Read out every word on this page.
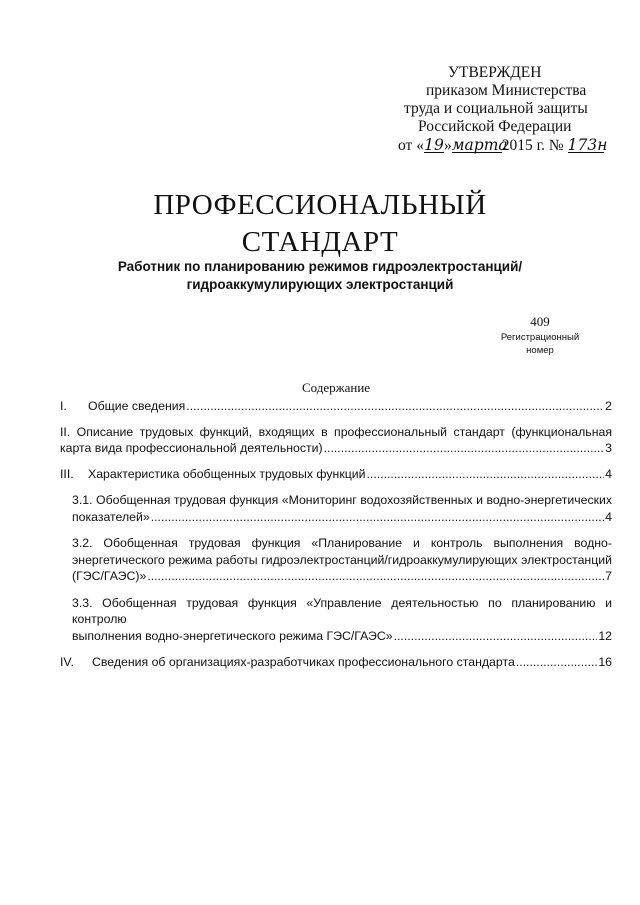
УТВЕРЖДЕН
приказом Министерства
труда и социальной защиты
Российской Федерации
от «19»марта2015 г. № 173н
ПРОФЕССИОНАЛЬНЫЙ
СТАНДАРТ
Работник по планированию режимов гидроэлектростанций/
гидроаккумулирующих электростанций
409
Регистрационный
номер
Содержание
I.	Общие сведения .....	2
II. Описание трудовых функций, входящих в профессиональный стандарт (функциональная
карта вида профессиональной деятельности) .....	3
III.	Характеристика обобщенных трудовых функций .....	4
3.1. Обобщенная трудовая функция «Мониторинг водохозяйственных и водно-энергетических
показателей» .....	4
3.2. Обобщенная трудовая функция «Планирование и контроль выполнения водно-
энергетического режима работы гидроэлектростанций/гидроаккумулирующих электростанций
(ГЭС/ГАЭС)» .....	7
3.3. Обобщенная трудовая функция «Управление деятельностью по планированию и контролю
выполнения водно-энергетического режима ГЭС/ГАЭС» .....	12
IV.	Сведения об организациях-разработчиках профессионального стандарта .....	16
